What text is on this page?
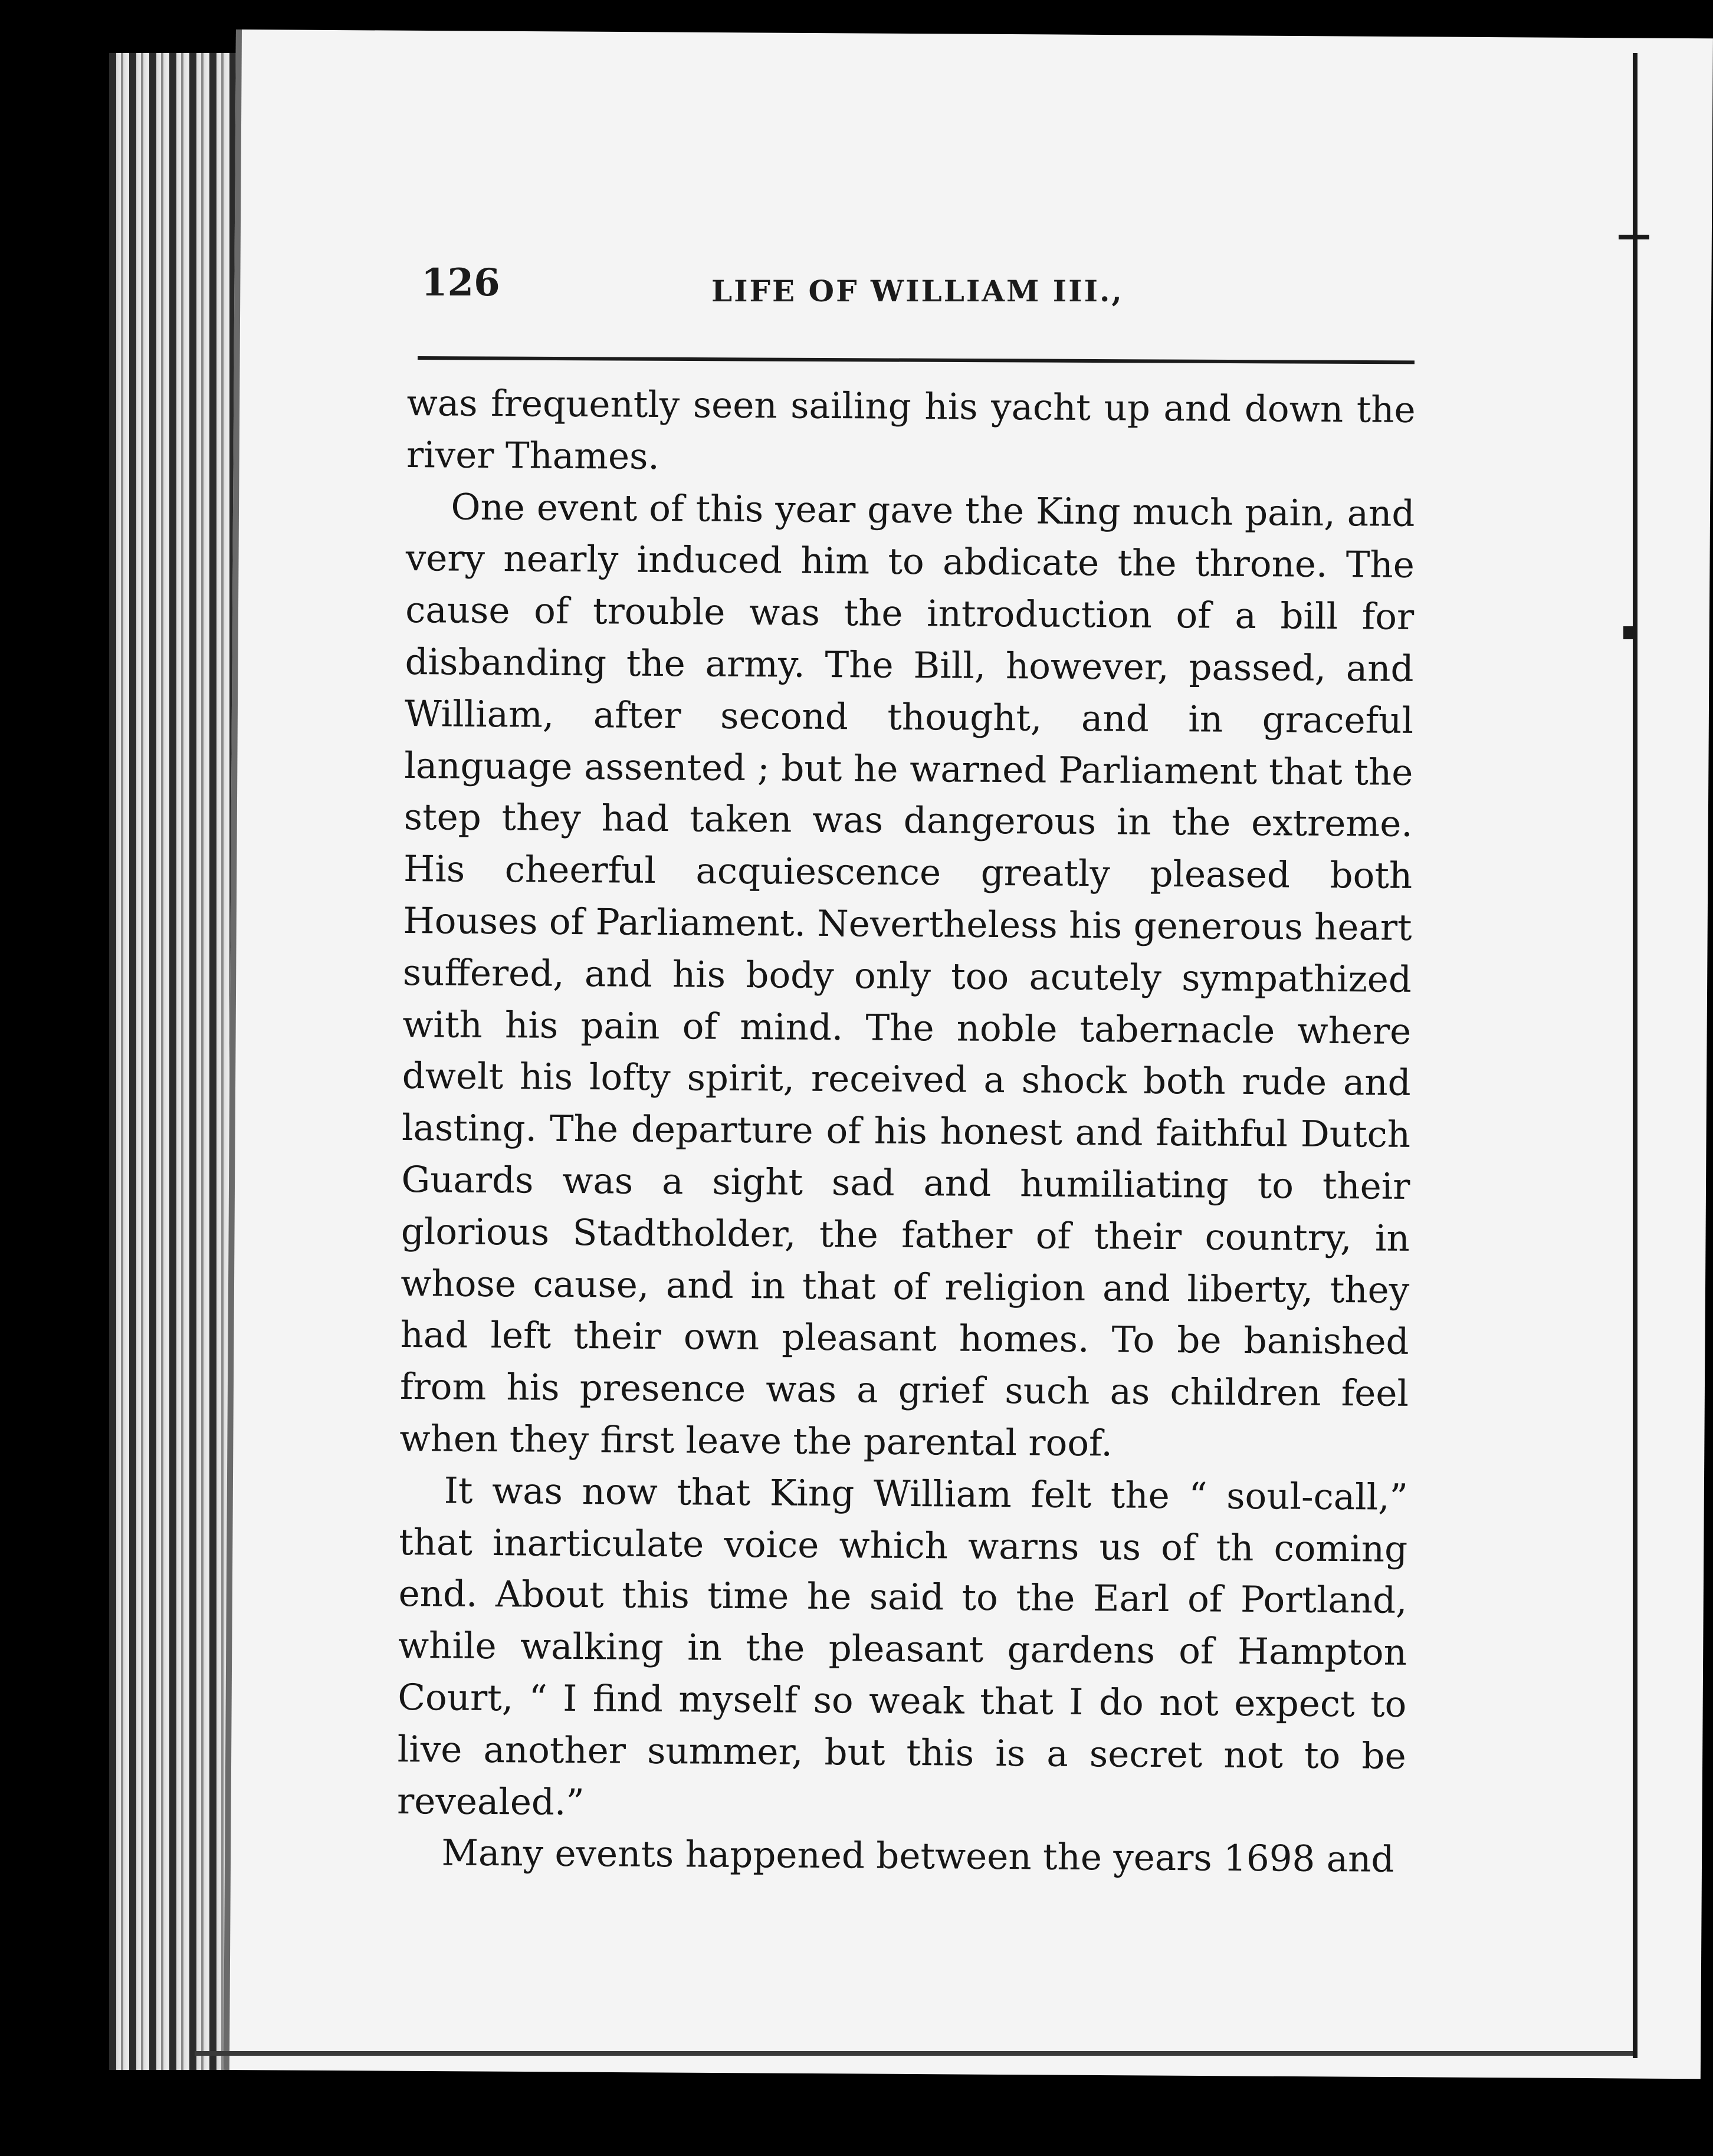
126	LIFE OF WILLIAM III.,

was frequently seen sailing his yacht up and down the river Thames.

One event of this year gave the King much pain, and very nearly induced him to abdicate the throne. The cause of trouble was the introduction of a bill for disbanding the army. The Bill, however, passed, and William, after second thought, and in graceful language assented ; but he warned Parliament that the step they had taken was dangerous in the extreme. His cheerful acquiescence greatly pleased both Houses of Parliament. Nevertheless his generous heart suffered, and his body only too acutely sympathized with his pain of mind. The noble tabernacle where dwelt his lofty spirit, received a shock both rude and lasting. The departure of his honest and faithful Dutch Guards was a sight sad and humiliating to their glorious Stadtholder, the father of their country, in whose cause, and in that of religion and liberty, they had left their own pleasant homes. To be banished from his presence was a grief such as children feel when they first leave the parental roof.

It was now that King William felt the “ soul-call,” that inarticulate voice which warns us of th coming end. About this time he said to the Earl of Portland, while walking in the pleasant gardens of Hampton Court, “ I find myself so weak that I do not expect to live another summer, but this is a secret not to be revealed.”

Many events happened between the years 1698 and
